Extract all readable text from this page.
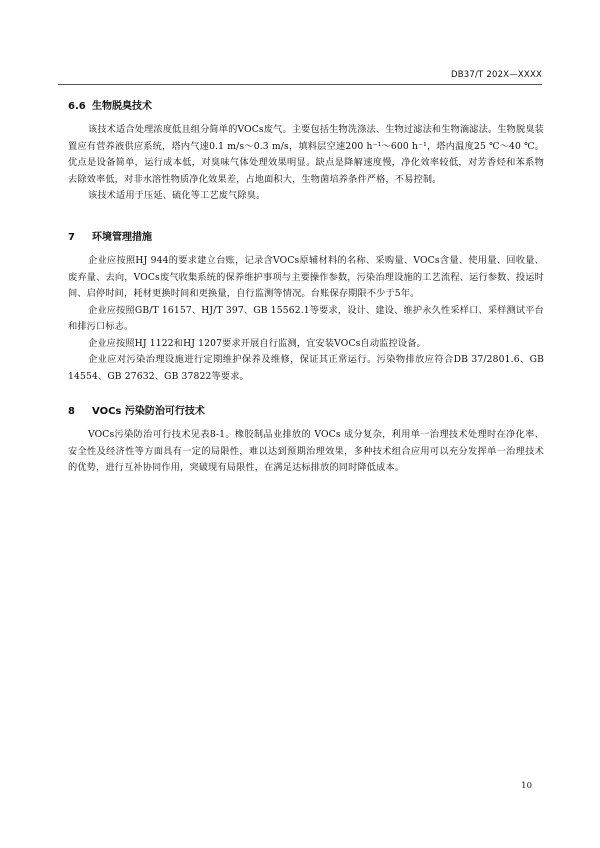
DB37/T 202X—XXXX
6.6 生物脱臭技术

该技术适合处理浓度低且组分简单的VOCs废气。主要包括生物洗涤法、生物过滤法和生物滴滤法。生物脱臭装置应有营养液供应系统，塔内气速0.1 m/s～0.3 m/s，填料层空速200 h⁻¹～600 h⁻¹，塔内温度25 ℃～40 ℃。优点是设备简单，运行成本低，对臭味气体处理效果明显。缺点是降解速度慢，净化效率较低，对芳香烃和苯系物去除效率低，对非水溶性物质净化效果差，占地面积大，生物菌培养条件严格，不易控制。

该技术适用于压延、硫化等工艺废气除臭。

7 环境管理措施

企业应按照HJ 944的要求建立台账，记录含VOCs原辅材料的名称、采购量、VOCs含量、使用量、回收量、废弃量、去向，VOCs废气收集系统的保养维护事项与主要操作参数，污染治理设施的工艺流程、运行参数、投运时间、启停时间，耗材更换时间和更换量，自行监测等情况。台账保存期限不少于5年。

企业应按照GB/T 16157、HJ/T 397、GB 15562.1等要求，设计、建设、维护永久性采样口、采样测试平台和排污口标志。

企业应按照HJ 1122和HJ 1207要求开展自行监测，宜安装VOCs自动监控设备。

企业应对污染治理设施进行定期维护保养及维修，保证其正常运行。污染物排放应符合DB 37/2801.6、GB 14554、GB 27632、GB 37822等要求。

8 VOCs 污染防治可行技术

VOCs污染防治可行技术见表8-1。橡胶制品业排放的 VOCs 成分复杂，利用单一治理技术处理时在净化率、安全性及经济性等方面具有一定的局限性，难以达到预期治理效果，多种技术组合应用可以充分发挥单一治理技术的优势，进行互补协同作用，突破现有局限性，在满足达标排放的同时降低成本。

10
